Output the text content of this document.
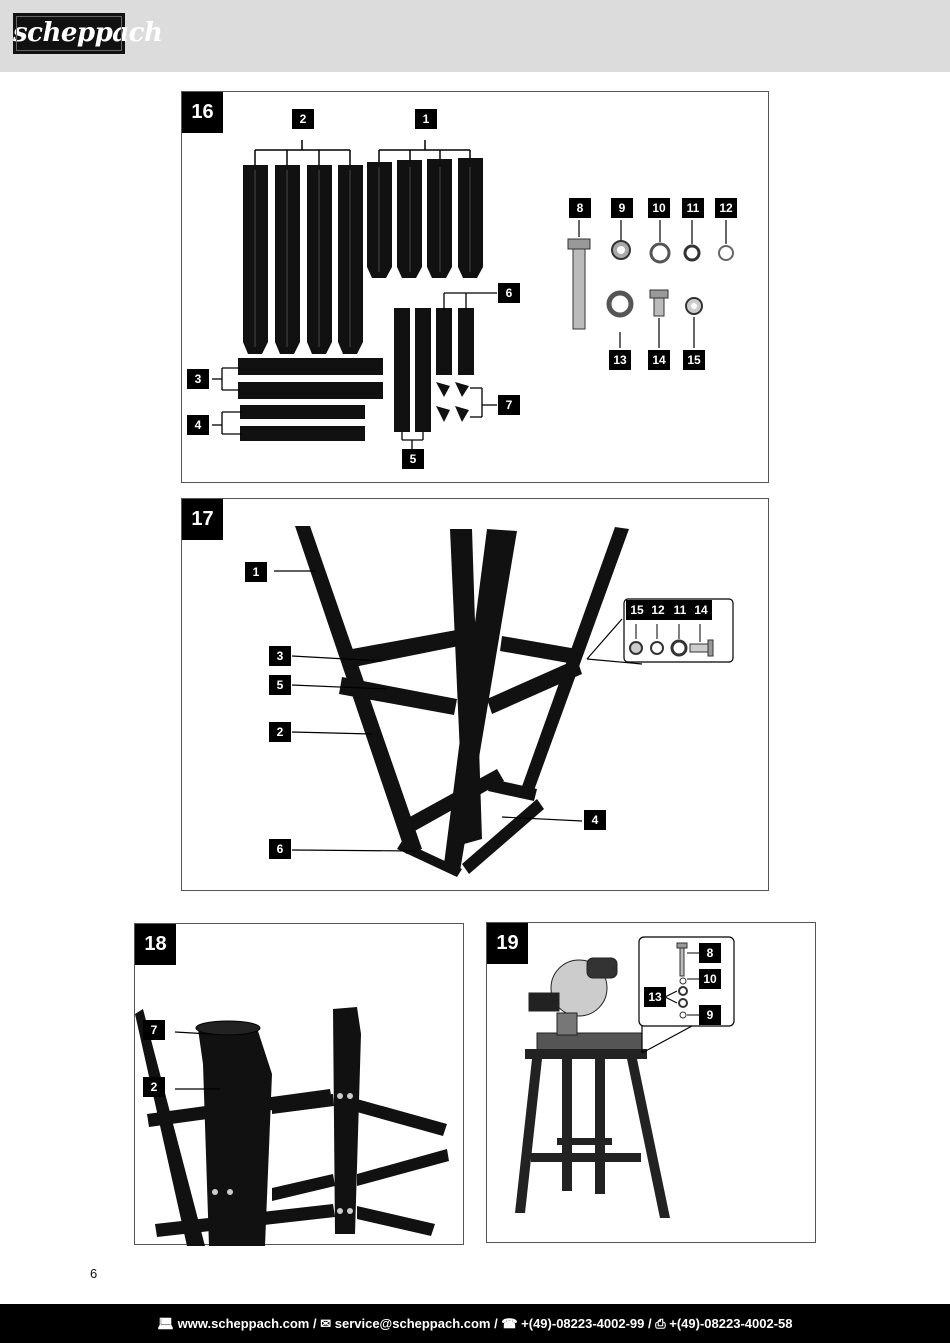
scheppach
16	2	1
8	9	10	11	12
6
13	14	15
3
7
4
5
17
1
15 12 11 14
3
5
2
4
6
18
7
2
19	8
10
13
9
6
💻︎ www.scheppach.com / ✉︎ service@scheppach.com / ☎︎ +(49)-08223-4002-99 / ⎙ +(49)-08223-4002-58
